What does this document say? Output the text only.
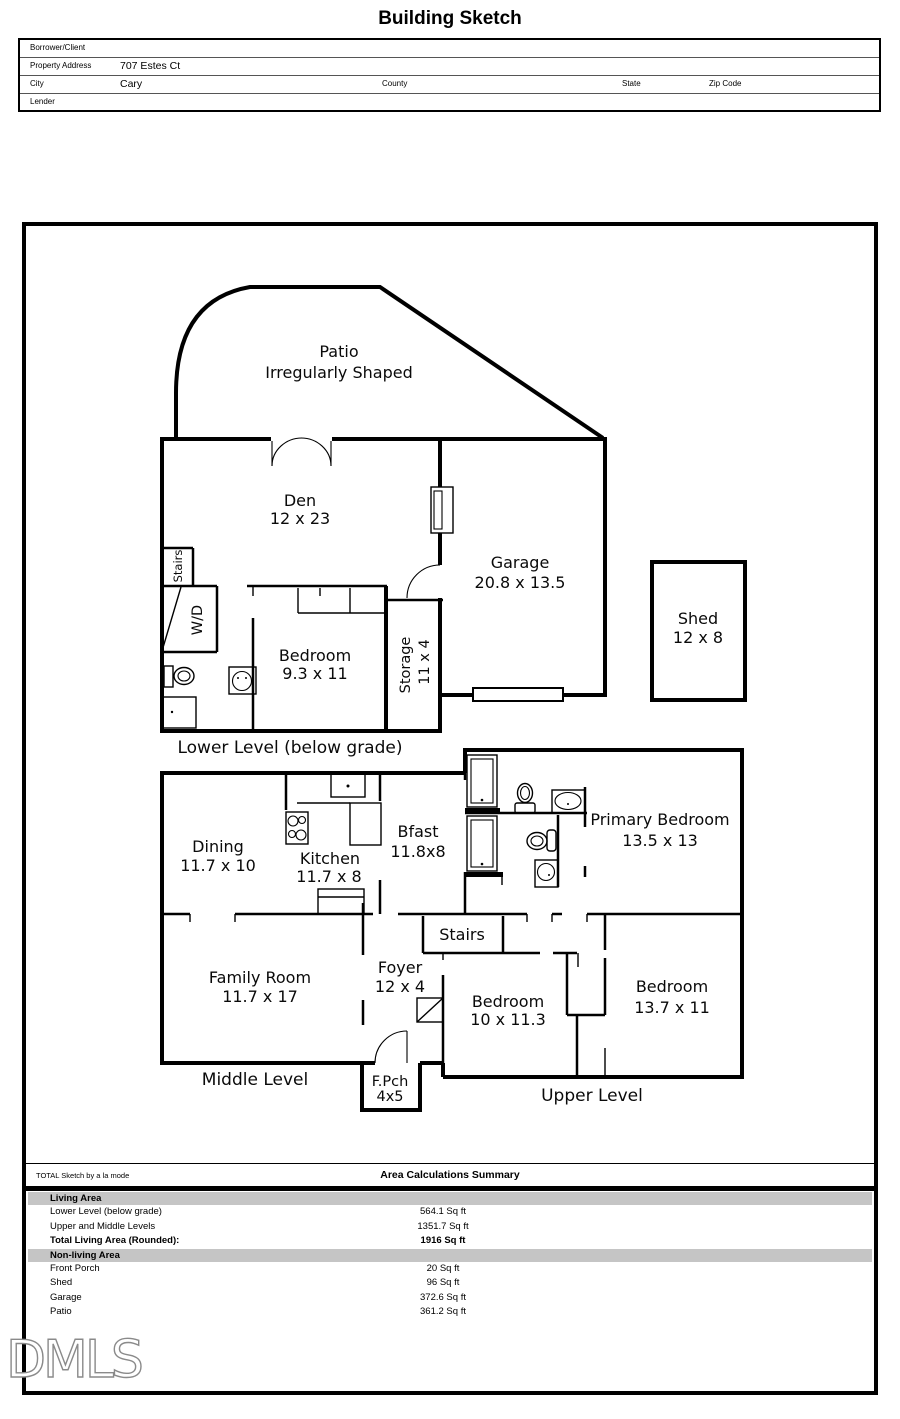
Building Sketch
Borrower/Client
Property Address	707 Estes Ct
City	Cary	County	State	Zip Code
Lender
Patio
Irregularly Shaped
Den
12 x 23
Garage
20.8 x 13.5
Shed
12 x 8
Stairs
W/D
Bedroom
9.3 x 11	Storage 11 x 4
Lower Level (below grade)
Dining
11.7 x 10	Kitchen
11.7 x 8
Bfast
11.8x8
Primary Bedroom
13.5 x 13
Stairs
Foyer
12 x 4
Family Room
11.7 x 17	Bedroom
10 x 11.3
Bedroom
13.7 x 11
Middle Level	F.Pch
4x5	Upper Level
TOTAL Sketch by a la mode	Area Calculations Summary
Living Area
Lower Level (below grade)	564.1 Sq ft
Upper and Middle Levels	1351.7 Sq ft
Total Living Area (Rounded):	1916 Sq ft
Non-living Area
Front Porch	20 Sq ft
Shed	96 Sq ft
Garage	372.6 Sq ft
Patio	361.2 Sq ft
DMLS
